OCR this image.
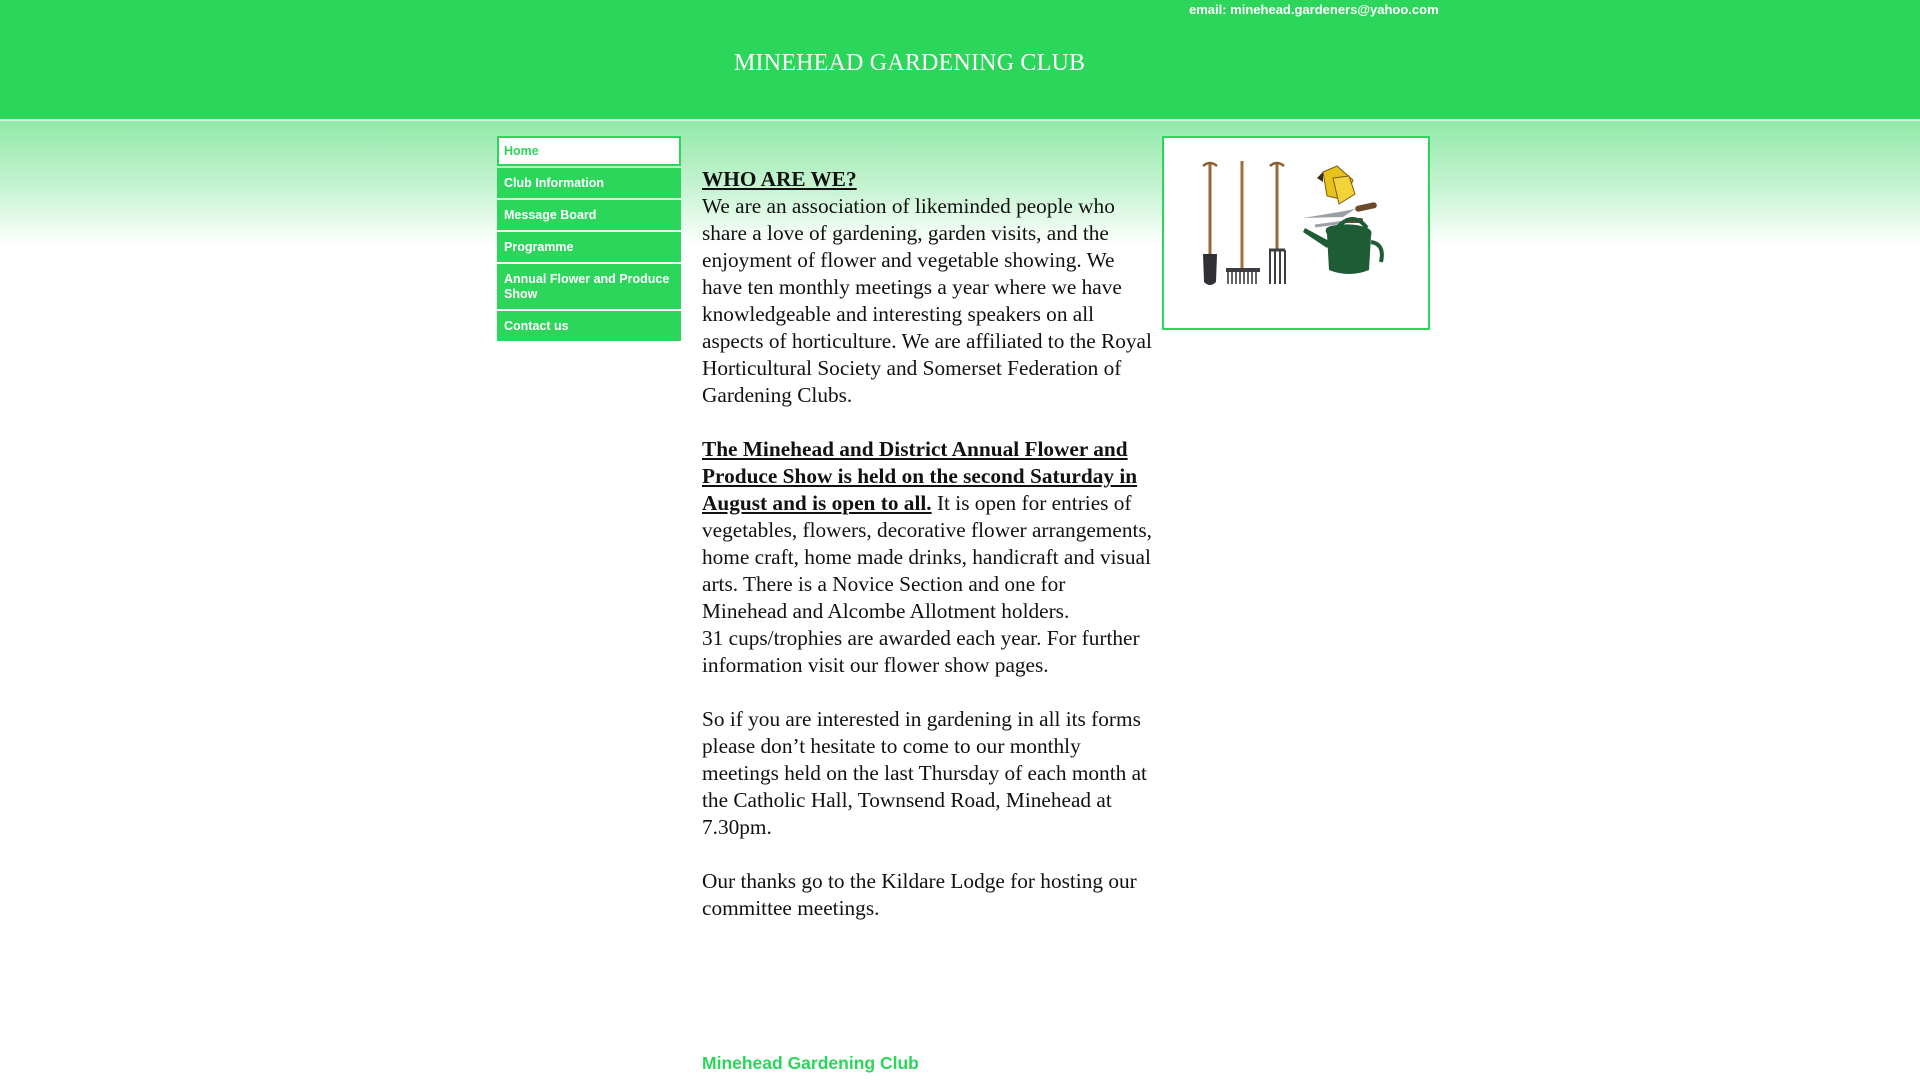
email: minehead.gardeners@yahoo.com
MINEHEAD GARDENING CLUB
Home
Club Information
Message Board
Programme
Annual Flower and Produce Show
Contact us

WHO ARE WE?

We are an association of likeminded people who share a love of gardening, garden visits, and the enjoyment of flower and vegetable showing. We have ten monthly meetings a year where we have knowledgeable and interesting speakers on all aspects of horticulture. We are affiliated to the Royal Horticultural Society and Somerset Federation of Gardening Clubs.

The Minehead and District Annual Flower and Produce Show is held on the second Saturday in August and is open to all. It is open for entries of vegetables, flowers, decorative flower arrangements, home craft, home made drinks, handicraft and visual arts. There is a Novice Section and one for Minehead and Alcombe Allotment holders.

31 cups/trophies are awarded each year. For further information visit our flower show pages.

So if you are interested in gardening in all its forms please don’t hesitate to come to our monthly meetings held on the last Thursday of each month at the Catholic Hall, Townsend Road, Minehead at 7.30pm.

Our thanks go to the Kildare Lodge for hosting our committee meetings.

Minehead Gardening Club
